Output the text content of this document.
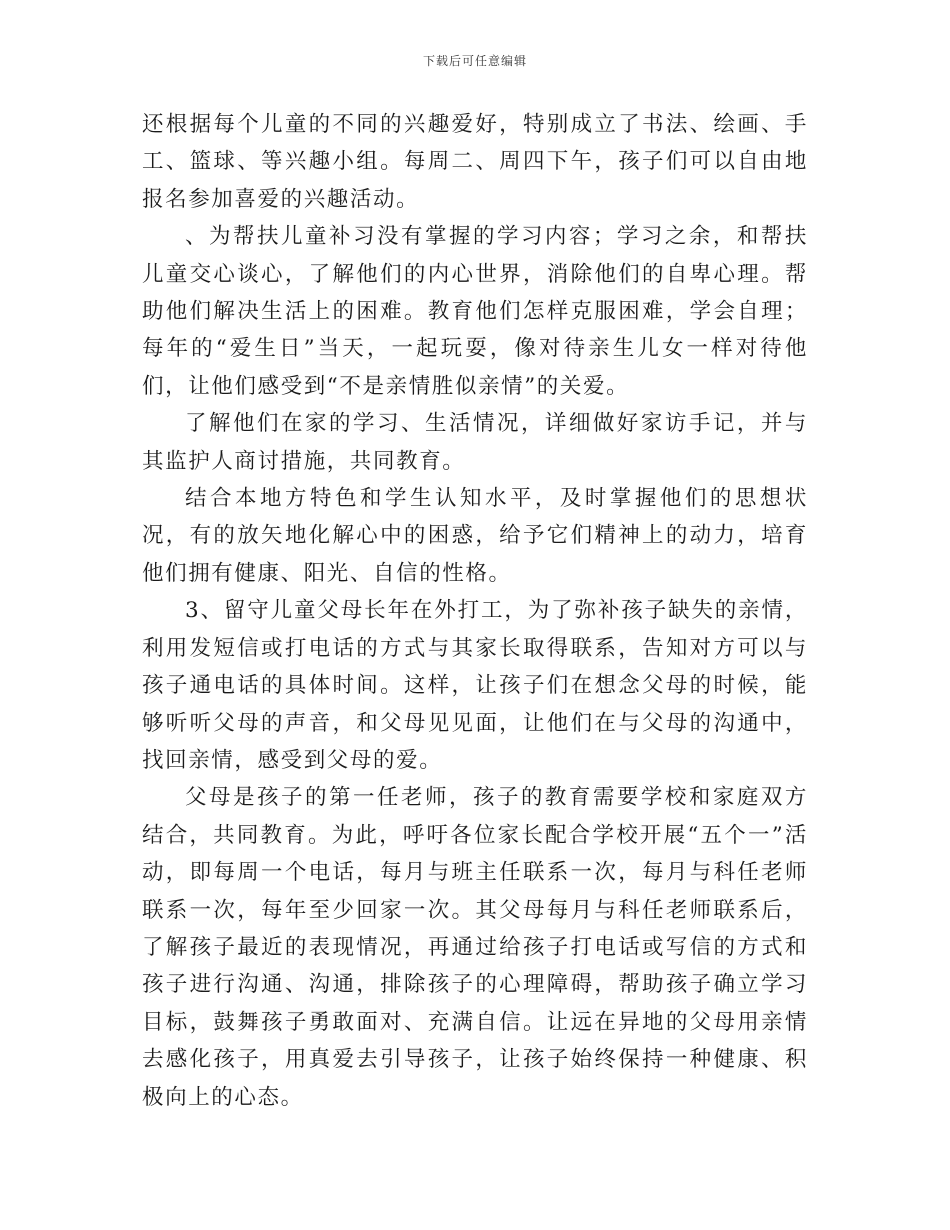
下载后可任意编辑

还根据每个儿童的不同的兴趣爱好，特别成立了书法、绘画、手工、篮球、等兴趣小组。每周二、周四下午，孩子们可以自由地报名参加喜爱的兴趣活动。

、为帮扶儿童补习没有掌握的学习内容；学习之余，和帮扶儿童交心谈心，了解他们的内心世界，消除他们的自卑心理。帮助他们解决生活上的困难。教育他们怎样克服困难，学会自理；每年的“爱生日”当天，一起玩耍，像对待亲生儿女一样对待他们，让他们感受到“不是亲情胜似亲情”的关爱。

了解他们在家的学习、生活情况，详细做好家访手记，并与其监护人商讨措施，共同教育。

结合本地方特色和学生认知水平，及时掌握他们的思想状况，有的放矢地化解心中的困惑，给予它们精神上的动力，培育他们拥有健康、阳光、自信的性格。

3、留守儿童父母长年在外打工，为了弥补孩子缺失的亲情，利用发短信或打电话的方式与其家长取得联系，告知对方可以与孩子通电话的具体时间。这样，让孩子们在想念父母的时候，能够听听父母的声音，和父母见见面，让他们在与父母的沟通中，找回亲情，感受到父母的爱。

父母是孩子的第一任老师，孩子的教育需要学校和家庭双方结合，共同教育。为此，呼吁各位家长配合学校开展“五个一”活动，即每周一个电话，每月与班主任联系一次，每月与科任老师联系一次，每年至少回家一次。其父母每月与科任老师联系后，了解孩子最近的表现情况，再通过给孩子打电话或写信的方式和孩子进行沟通、沟通，排除孩子的心理障碍，帮助孩子确立学习目标，鼓舞孩子勇敢面对、充满自信。让远在异地的父母用亲情去感化孩子，用真爱去引导孩子，让孩子始终保持一种健康、积极向上的心态。
